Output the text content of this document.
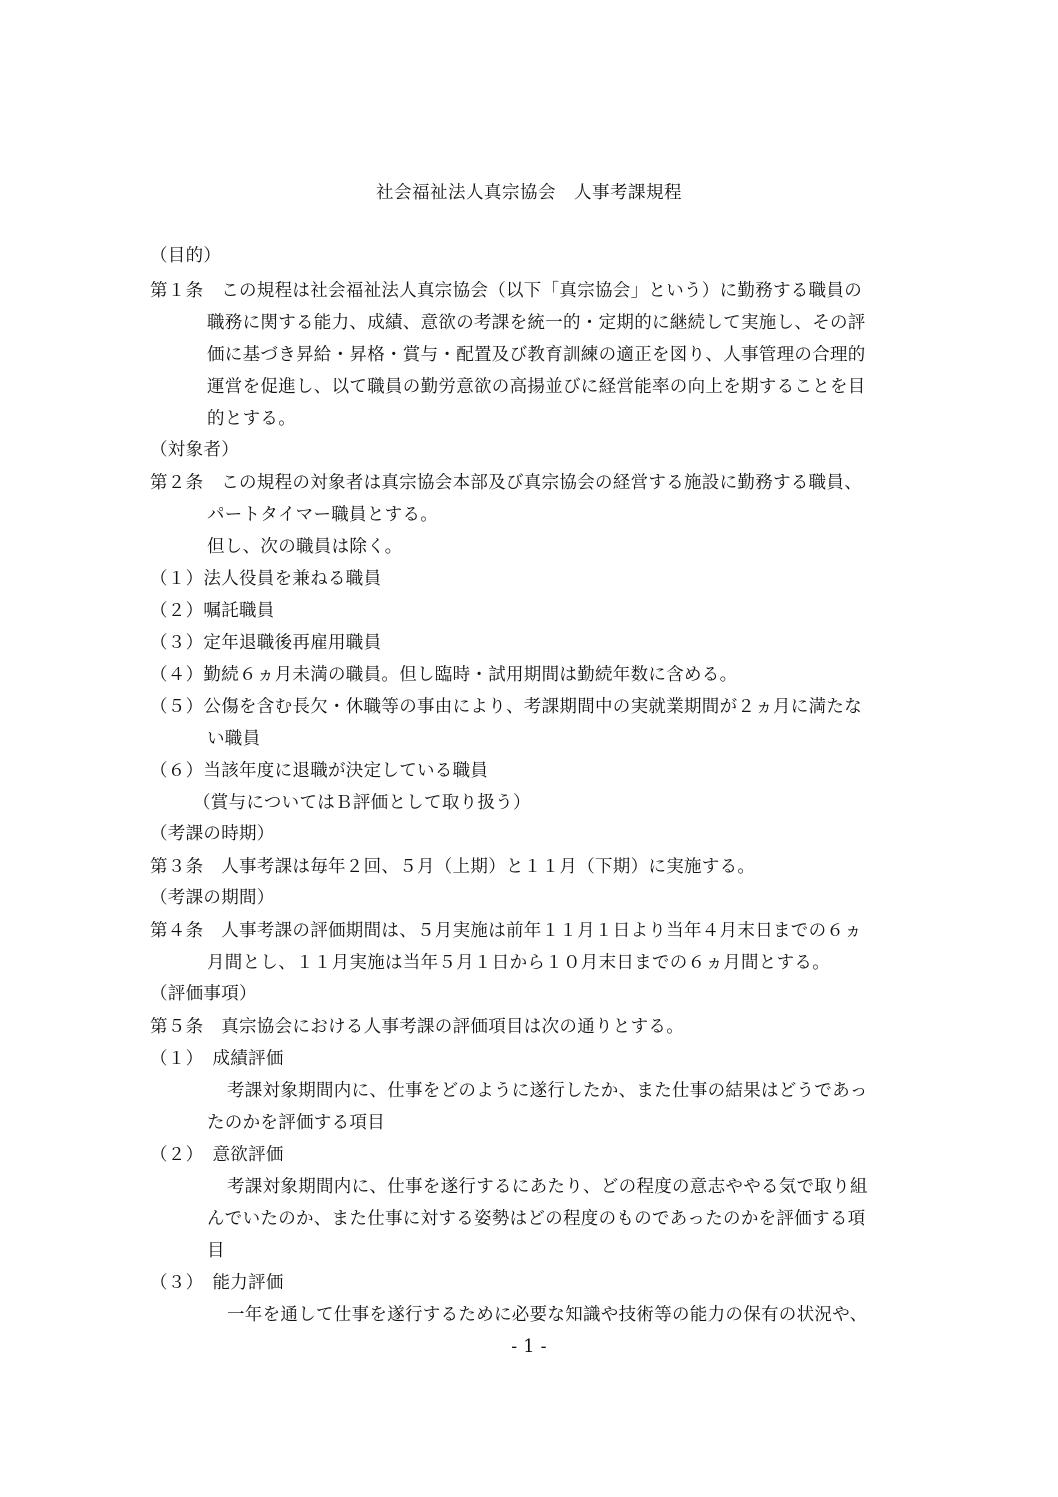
社会福祉法人真宗協会　人事考課規程
（目的）
第１条　この規程は社会福祉法人真宗協会（以下「真宗協会」という）に勤務する職員の
職務に関する能力、成績、意欲の考課を統一的・定期的に継続して実施し、その評
価に基づき昇給・昇格・賞与・配置及び教育訓練の適正を図り、人事管理の合理的
運営を促進し、以て職員の勤労意欲の高揚並びに経営能率の向上を期することを目
的とする。
（対象者）
第２条　この規程の対象者は真宗協会本部及び真宗協会の経営する施設に勤務する職員、
パートタイマー職員とする。
但し、次の職員は除く。
（１）法人役員を兼ねる職員
（２）嘱託職員
（３）定年退職後再雇用職員
（４）勤続６ヵ月未満の職員。但し臨時・試用期間は勤続年数に含める。
（５）公傷を含む長欠・休職等の事由により、考課期間中の実就業期間が２ヵ月に満たな
い職員
（６）当該年度に退職が決定している職員
（賞与についてはＢ評価として取り扱う）
（考課の時期）
第３条　人事考課は毎年２回、５月（上期）と１１月（下期）に実施する。
（考課の期間）
第４条　人事考課の評価期間は、５月実施は前年１１月１日より当年４月末日までの６ヵ
月間とし、１１月実施は当年５月１日から１０月末日までの６ヵ月間とする。
（評価事項）
第５条　真宗協会における人事考課の評価項目は次の通りとする。
（１）　成績評価
考課対象期間内に、仕事をどのように遂行したか、また仕事の結果はどうであっ
たのかを評価する項目
（２）　意欲評価
考課対象期間内に、仕事を遂行するにあたり、どの程度の意志ややる気で取り組
んでいたのか、また仕事に対する姿勢はどの程度のものであったのかを評価する項
目
（３）　能力評価
一年を通して仕事を遂行するために必要な知識や技術等の能力の保有の状況や、
- 1 -
